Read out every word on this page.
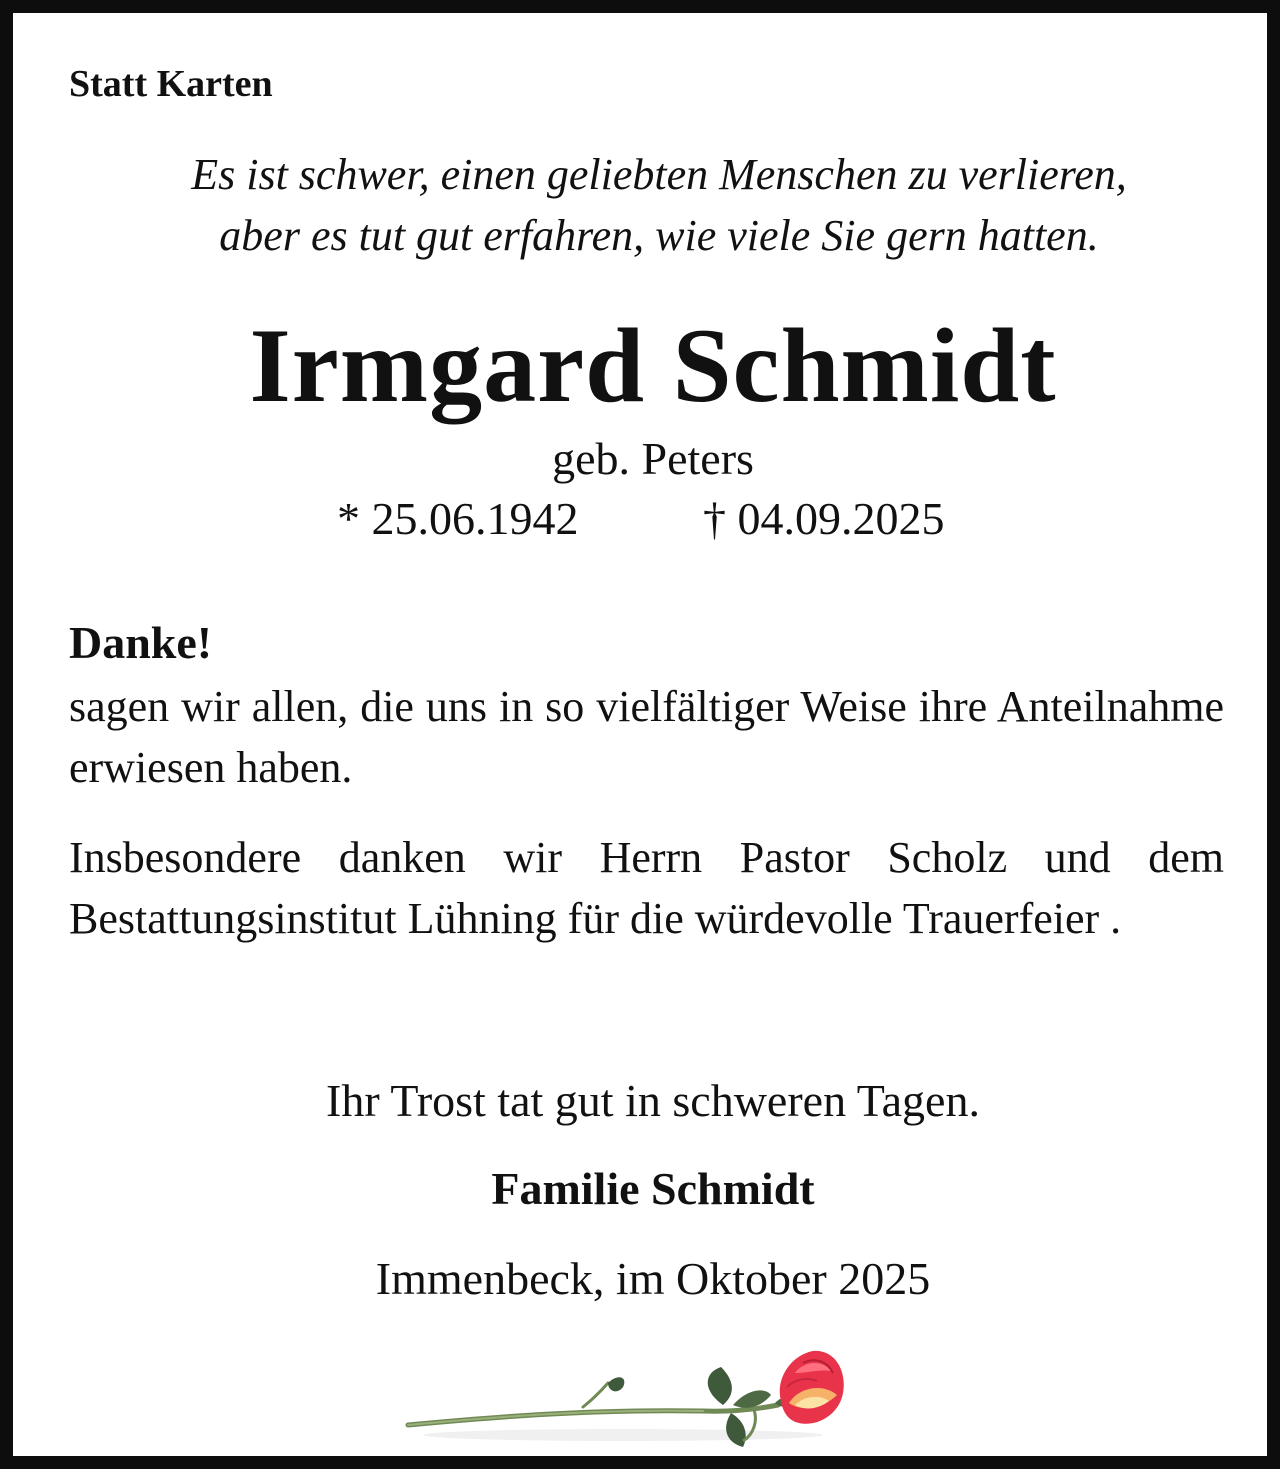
Statt Karten
Es ist schwer, einen geliebten Menschen zu verlieren,
aber es tut gut erfahren, wie viele Sie gern hatten.
Irmgard Schmidt
geb. Peters
* 25.06.1942	† 04.09.2025
Danke!

sagen wir allen, die uns in so vielfältiger Weise ihre Anteilnahme erwiesen haben.

Insbesondere danken wir Herrn Pastor Scholz und dem Bestattungsinstitut Lühning für die würdevolle Trauerfeier .

Ihr Trost tat gut in schweren Tagen.
Familie Schmidt
Immenbeck, im Oktober 2025
